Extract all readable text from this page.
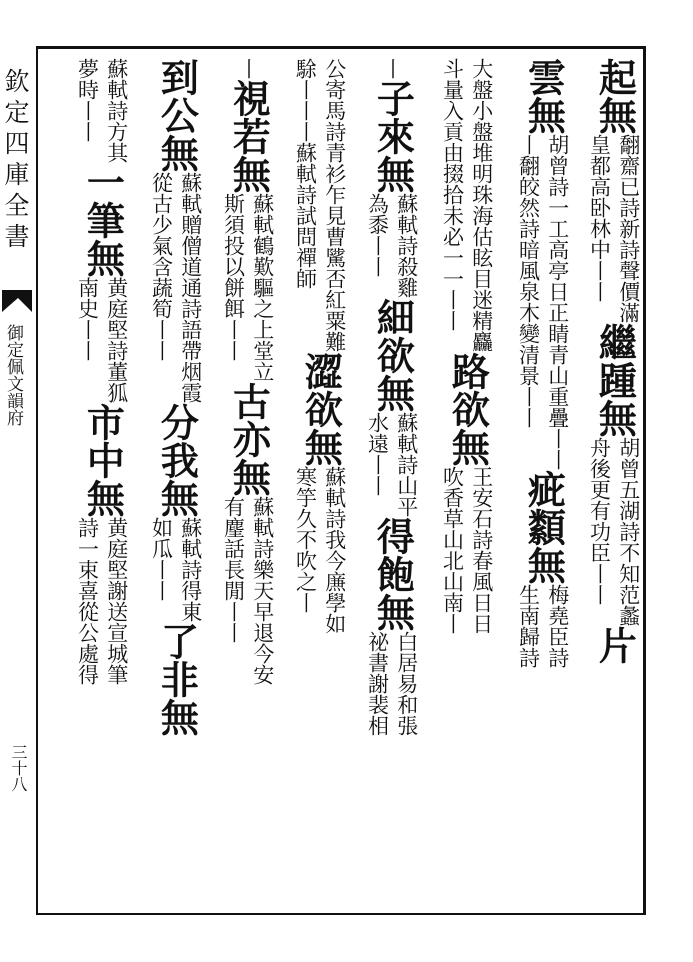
欽定四庫全書
御定佩文韻府
三十八
起無
䎗齋已詩新詩聲價滿
皇都高卧林中丨丨
繼踵無
胡曾五湖詩不知范蠡
舟後更有功臣丨丨
片
雲無
胡曾詩一工高亭日正睛青山重疊丨丨
丨䎗皎然詩暗風泉木變清景丨丨
疵纇無
梅堯臣詩
生南歸詩
大盤小盤堆明珠海估眩目迷精麤
斗量入貢由掇拾未必一一丨丨
路欲無
王安石詩春風日日
吹香草山北山南丨
丨
子來無
蘇軾詩殺雞
為黍丨丨
細欲無
蘇軾詩山平
水遠丨丨
得飽無
白居易和張
祕書謝裴相
公寄馬詩青衫乍見曹騭否紅粟難
駼丨丨丨蘇軾詩試問禪師
澀欲無
蘇軾詩我今㢘學如
寒竽久不吹之丨
丨
視若無
蘇軾鶴歎驅之上堂立
斯須投以餅餌丨丨
古亦無
蘇軾詩樂天早退今安
有麈話長閒丨丨
到公無
蘇軾贈僧道通詩語帶烟霞
從古少氣含蔬筍丨丨
分我無
蘇軾詩得東
如瓜丨丨
了非無
蘇軾詩方其
夢時丨丨
一筆無
黄庭堅詩董狐
南史丨丨
市中無
黄庭堅謝送宣城筆
詩一束喜從公處得
